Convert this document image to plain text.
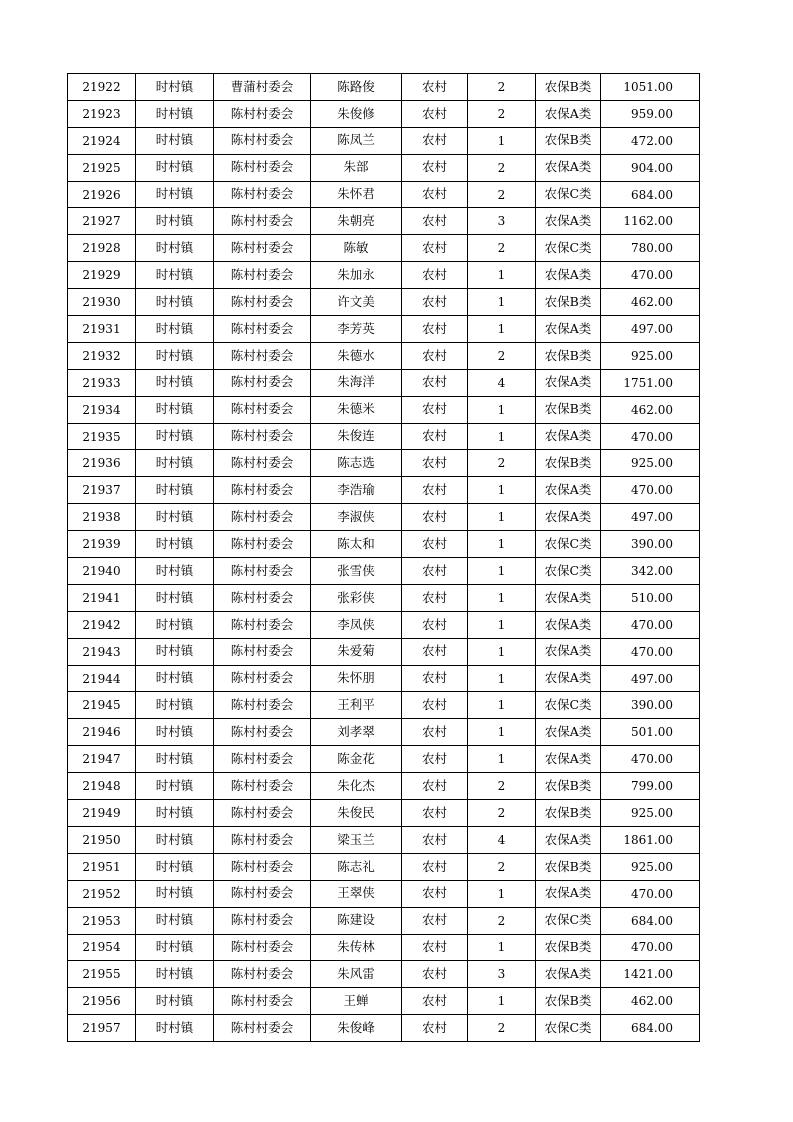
21922	时村镇	曹蒲村委会	陈路俊	农村	2	农保B类	1051.00
21923	时村镇	陈村村委会	朱俊修	农村	2	农保A类	959.00
21924	时村镇	陈村村委会	陈凤兰	农村	1	农保B类	472.00
21925	时村镇	陈村村委会	朱部	农村	2	农保A类	904.00
21926	时村镇	陈村村委会	朱怀君	农村	2	农保C类	684.00
21927	时村镇	陈村村委会	朱朝亮	农村	3	农保A类	1162.00
21928	时村镇	陈村村委会	陈敏	农村	2	农保C类	780.00
21929	时村镇	陈村村委会	朱加永	农村	1	农保A类	470.00
21930	时村镇	陈村村委会	许文美	农村	1	农保B类	462.00
21931	时村镇	陈村村委会	李芳英	农村	1	农保A类	497.00
21932	时村镇	陈村村委会	朱德水	农村	2	农保B类	925.00
21933	时村镇	陈村村委会	朱海洋	农村	4	农保A类	1751.00
21934	时村镇	陈村村委会	朱德米	农村	1	农保B类	462.00
21935	时村镇	陈村村委会	朱俊连	农村	1	农保A类	470.00
21936	时村镇	陈村村委会	陈志选	农村	2	农保B类	925.00
21937	时村镇	陈村村委会	李浩瑜	农村	1	农保A类	470.00
21938	时村镇	陈村村委会	李淑侠	农村	1	农保A类	497.00
21939	时村镇	陈村村委会	陈太和	农村	1	农保C类	390.00
21940	时村镇	陈村村委会	张雪侠	农村	1	农保C类	342.00
21941	时村镇	陈村村委会	张彩侠	农村	1	农保A类	510.00
21942	时村镇	陈村村委会	李凤侠	农村	1	农保A类	470.00
21943	时村镇	陈村村委会	朱爱菊	农村	1	农保A类	470.00
21944	时村镇	陈村村委会	朱怀朋	农村	1	农保A类	497.00
21945	时村镇	陈村村委会	王利平	农村	1	农保C类	390.00
21946	时村镇	陈村村委会	刘孝翠	农村	1	农保A类	501.00
21947	时村镇	陈村村委会	陈金花	农村	1	农保A类	470.00
21948	时村镇	陈村村委会	朱化杰	农村	2	农保B类	799.00
21949	时村镇	陈村村委会	朱俊民	农村	2	农保B类	925.00
21950	时村镇	陈村村委会	梁玉兰	农村	4	农保A类	1861.00
21951	时村镇	陈村村委会	陈志礼	农村	2	农保B类	925.00
21952	时村镇	陈村村委会	王翠侠	农村	1	农保A类	470.00
21953	时村镇	陈村村委会	陈建设	农村	2	农保C类	684.00
21954	时村镇	陈村村委会	朱传林	农村	1	农保B类	470.00
21955	时村镇	陈村村委会	朱风雷	农村	3	农保A类	1421.00
21956	时村镇	陈村村委会	王蝉	农村	1	农保B类	462.00
21957	时村镇	陈村村委会	朱俊峰	农村	2	农保C类	684.00
